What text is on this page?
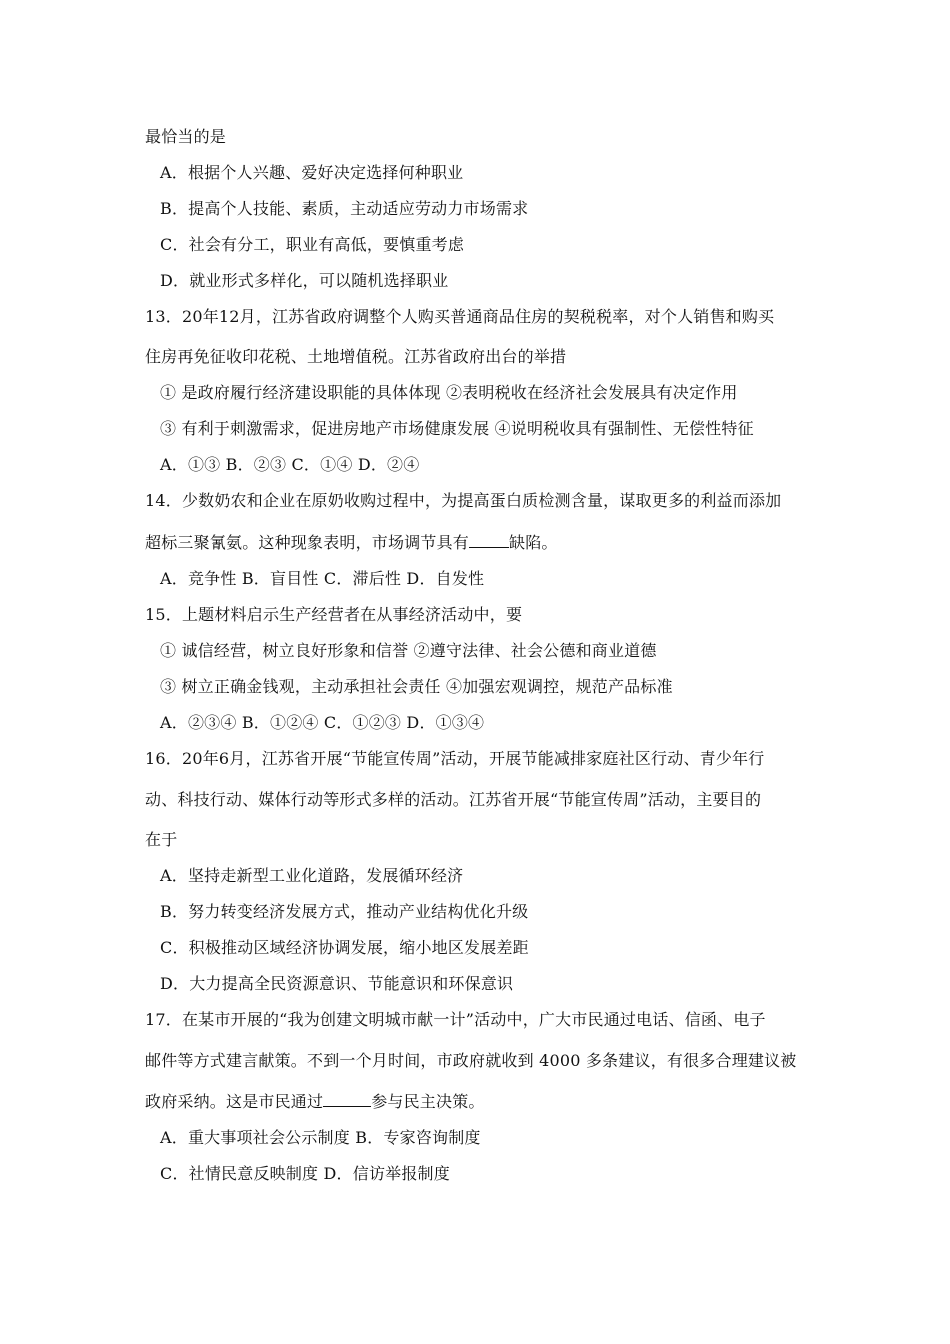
最恰当的是
A．根据个人兴趣、爱好决定选择何种职业
B．提高个人技能、素质，主动适应劳动力市场需求
C．社会有分工，职业有高低，要慎重考虑
D．就业形式多样化，可以随机选择职业
13．20年12月，江苏省政府调整个人购买普通商品住房的契税税率，对个人销售和购买
住房再免征收印花税、土地增值税。江苏省政府出台的举措
① 是政府履行经济建设职能的具体体现 ②表明税收在经济社会发展具有决定作用
③ 有利于刺激需求，促进房地产市场健康发展 ④说明税收具有强制性、无偿性特征
A．①③ B．②③ C．①④ D．②④
14．少数奶农和企业在原奶收购过程中，为提高蛋白质检测含量，谋取更多的利益而添加
超标三聚氰氨。这种现象表明，市场调节具有	缺陷。
A．竞争性 B．盲目性 C．滞后性 D．自发性
15．上题材料启示生产经营者在从事经济活动中，要
① 诚信经营，树立良好形象和信誉 ②遵守法律、社会公德和商业道德
③ 树立正确金钱观，主动承担社会责任 ④加强宏观调控，规范产品标准
A．②③④ B．①②④ C．①②③ D．①③④
16．20年6月，江苏省开展“节能宣传周”活动，开展节能减排家庭社区行动、青少年行
动、科技行动、媒体行动等形式多样的活动。江苏省开展“节能宣传周”活动，主要目的
在于
A．坚持走新型工业化道路，发展循环经济
B．努力转变经济发展方式，推动产业结构优化升级
C．积极推动区域经济协调发展，缩小地区发展差距
D．大力提高全民资源意识、节能意识和环保意识
17．在某市开展的“我为创建文明城市献一计”活动中，广大市民通过电话、信函、电子
邮件等方式建言献策。不到一个月时间，市政府就收到 4000 多条建议，有很多合理建议被
政府采纳。这是市民通过	参与民主决策。
A．重大事项社会公示制度 B．专家咨询制度
C．社情民意反映制度 D．信访举报制度
